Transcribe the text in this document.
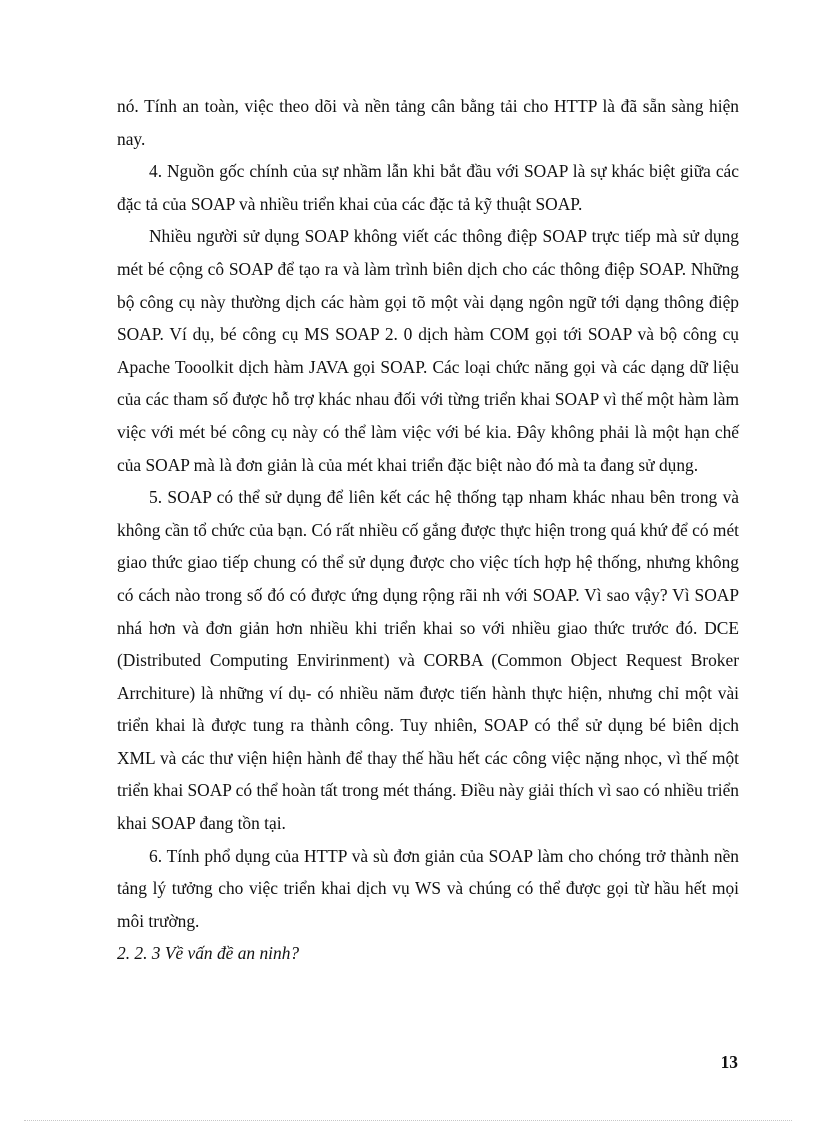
nó. Tính an toàn, việc theo dõi và nền tảng cân bằng tải cho HTTP là đã sẵn sàng hiện nay.

4. Nguồn gốc chính của sự nhầm lẫn khi bắt đầu với SOAP là sự khác biệt giữa các đặc tả của SOAP và nhiều triển khai của các đặc tả kỹ thuật SOAP.

Nhiều người sử dụng SOAP không viết các thông điệp SOAP trực tiếp mà sử dụng mét bé cộng cô SOAP để tạo ra và làm trình biên dịch cho các thông điệp SOAP. Những bộ công cụ này thường dịch các hàm gọi tõ một vài dạng ngôn ngữ tới dạng thông điệp SOAP. Ví dụ, bé công cụ MS SOAP 2. 0 dịch hàm COM gọi tới SOAP và bộ công cụ Apache Tooolkit dịch hàm JAVA gọi SOAP. Các loại chức năng gọi và các dạng dữ liệu của các tham số được hỗ trợ khác nhau đối với từng triển khai SOAP vì thế một hàm làm việc với mét bé công cụ này có thể làm việc với bé kia. Đây không phải là một hạn chế của SOAP mà là đơn giản là của mét khai triển đặc biệt nào đó mà ta đang sử dụng.

5. SOAP có thể sử dụng để liên kết các hệ thống tạp nham khác nhau bên trong và không cần tổ chức của bạn. Có rất nhiều cố gắng được thực hiện trong quá khứ để có mét giao thức giao tiếp chung có thể sử dụng được cho việc tích hợp hệ thống, nhưng không có cách nào trong số đó có được ứng dụng rộng rãi nh với SOAP. Vì sao vậy? Vì SOAP nhá hơn và đơn giản hơn nhiều khi triển khai so với nhiều giao thức trước đó. DCE (Distributed Computing Envirinment) và CORBA (Common Object Request Broker Arrchiture) là những ví dụ- có nhiều năm được tiến hành thực hiện, nhưng chỉ một vài triển khai là được tung ra thành công. Tuy nhiên, SOAP có thể sử dụng bé biên dịch XML và các thư viện hiện hành để thay thế hầu hết các công việc nặng nhọc, vì thế một triển khai SOAP có thể hoàn tất trong mét tháng. Điều này giải thích vì sao có nhiều triển khai SOAP đang tồn tại.

6. Tính phổ dụng của HTTP và sù đơn giản của SOAP làm cho chóng trở thành nền tảng lý tưởng cho việc triển khai dịch vụ WS và chúng có thể được gọi từ hầu hết mọi môi trường.

2. 2. 3 Về vấn đề an ninh?

13
